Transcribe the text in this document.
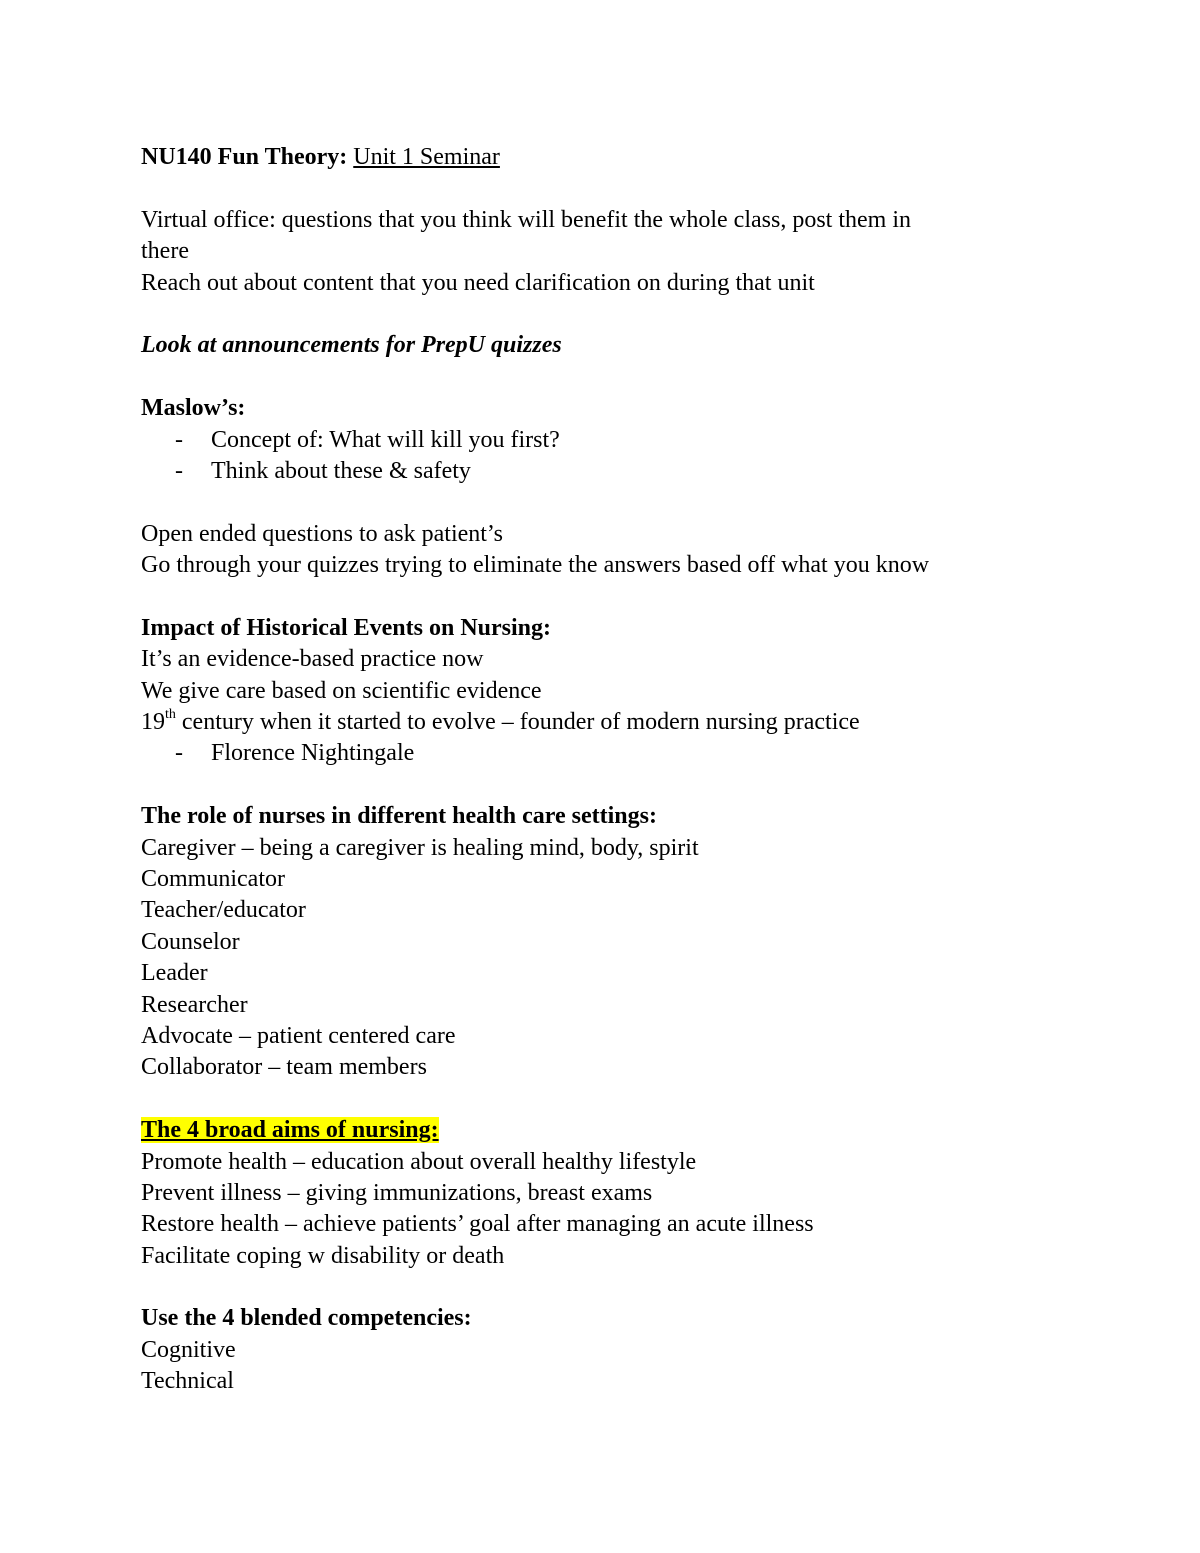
NU140 Fun Theory: Unit 1 Seminar
Virtual office: questions that you think will benefit the whole class, post them in
there
Reach out about content that you need clarification on during that unit
Look at announcements for PrepU quizzes
Maslow’s:
- Concept of: What will kill you first?
- Think about these & safety
Open ended questions to ask patient’s
Go through your quizzes trying to eliminate the answers based off what you know
Impact of Historical Events on Nursing:
It’s an evidence-based practice now
We give care based on scientific evidence
19th century when it started to evolve – founder of modern nursing practice
- Florence Nightingale
The role of nurses in different health care settings:
Caregiver – being a caregiver is healing mind, body, spirit
Communicator
Teacher/educator
Counselor
Leader
Researcher
Advocate – patient centered care
Collaborator – team members
The 4 broad aims of nursing:
Promote health – education about overall healthy lifestyle
Prevent illness – giving immunizations, breast exams
Restore health – achieve patients’ goal after managing an acute illness
Facilitate coping w disability or death
Use the 4 blended competencies:
Cognitive
Technical
